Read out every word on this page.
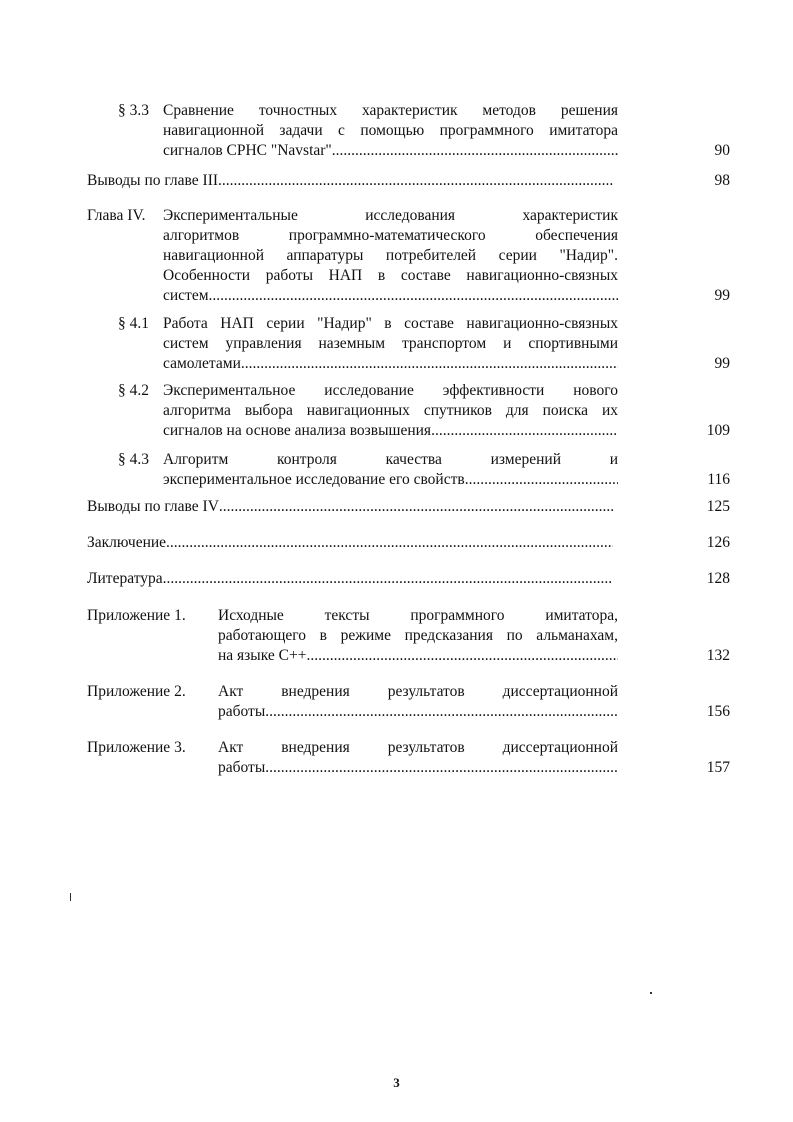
§ 3.3 Сравнение точностных характеристик методов решения
навигационной задачи с помощью программного имитатора
сигналов СРНС "Navstar" .....	90
Выводы по главе III .....	98
Глава IV. Экспериментальные исследования характеристик
алгоритмов программно-математического обеспечения
навигационной аппаратуры потребителей серии "Надир".
Особенности работы НАП в составе навигационно-связных
систем .....	99
§ 4.1 Работа НАП серии "Надир" в составе навигационно-связных
систем управления наземным транспортом и спортивными
самолетами .....	99
§ 4.2 Экспериментальное исследование эффективности нового
алгоритма выбора навигационных спутников для поиска их
сигналов на основе анализа возвышения .....	109
§ 4.3 Алгоритм контроля качества измерений и
экспериментальное исследование его свойств .....	116
Выводы по главе IV .....	125
Заключение .....	126
Литература .....	128
Приложение 1. Исходные тексты программного имитатора,
работающего в режиме предсказания по альманахам,
на языке С++ .....	132
Приложение 2. Акт внедрения результатов диссертационной
работы .....	156
Приложение 3. Акт внедрения результатов диссертационной
работы .....	157
3
